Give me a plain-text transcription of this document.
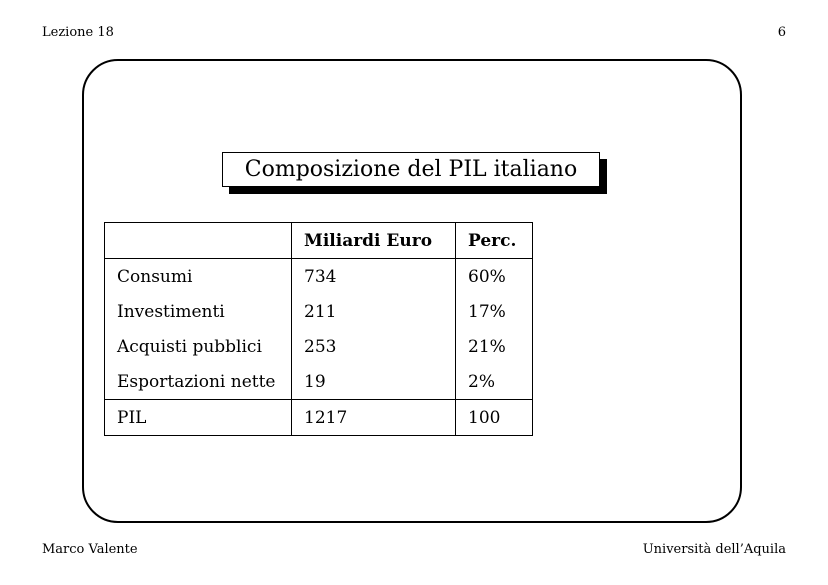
Lezione 18	6
Composizione del PIL italiano
	Miliardi Euro	Perc.
Consumi	734	60%
Investimenti	211	17%
Acquisti pubblici	253	21%
Esportazioni nette	19	2%
PIL	1217	100
Marco Valente	Università dell’Aquila
